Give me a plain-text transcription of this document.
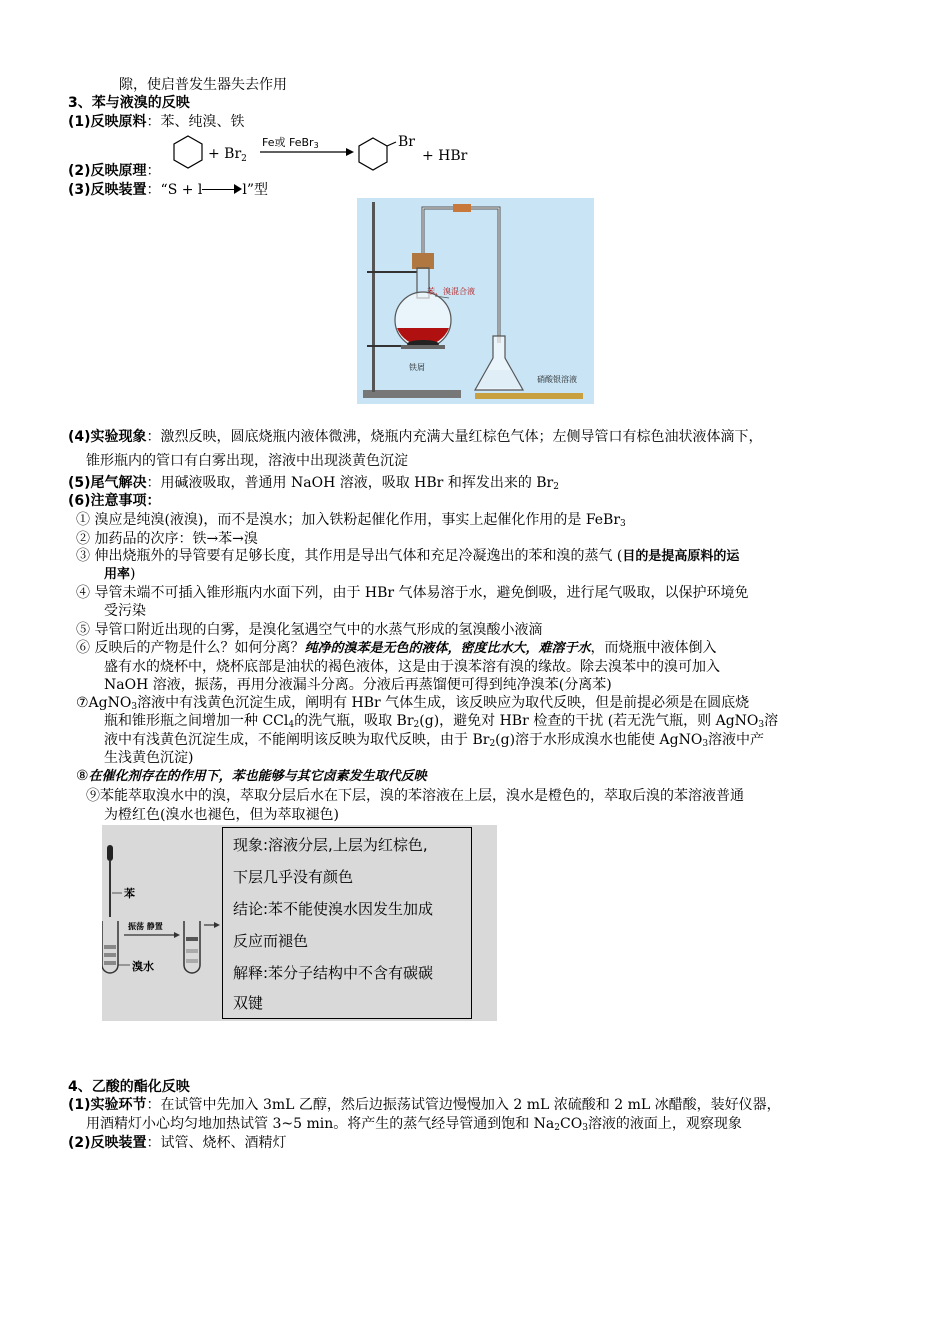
隙，使启普发生器失去作用
3、苯与液溴的反映
(1)反映原料：苯、纯溴、铁
+ $Br_2$
Fe或 FeBr3	Br
+ HBr
(2)反映原理：
(3)反映装置：“S + l	l”型
苯、溴混合液
铁屑
硝酸银溶液
(4)实验现象：激烈反映，圆底烧瓶内液体微沸，烧瓶内充满大量红棕色气体；左侧导管口有棕色油状液体滴下，
锥形瓶内的管口有白雾出现，溶液中出现淡黄色沉淀
(5)尾气解决：用碱液吸取，普通用 NaOH 溶液，吸取 HBr 和挥发出来的 $Br_2$
(6)注意事项：
① 溴应是纯溴(液溴)，而不是溴水；加入铁粉起催化作用，事实上起催化作用的是 FeBr$_3$
② 加药品的次序：铁→苯→溴
③ 伸出烧瓶外的导管要有足够长度，其作用是导出气体和充足冷凝逸出的苯和溴的蒸气 (目的是提高原料的运
用率)
④ 导管未端不可插入锥形瓶内水面下列，由于 HBr 气体易溶于水，避免倒吸，进行尾气吸取，以保护环境免
受污染
⑤ 导管口附近出现的白雾，是溴化氢遇空气中的水蒸气形成的氢溴酸小液滴
⑥ 反映后的产物是什么？如何分离？纯净的溴苯是无色的液体，密度比水大，难溶于水，而烧瓶中液体倒入
盛有水的烧杯中，烧杯底部是油状的褐色液体，这是由于溴苯溶有溴的缘故。除去溴苯中的溴可加入
NaOH 溶液，振荡，再用分液漏斗分离。分液后再蒸馏便可得到纯净溴苯(分离苯)
⑦AgNO$_3$溶液中有浅黄色沉淀生成，阐明有 HBr 气体生成，该反映应为取代反映，但是前提必须是在圆底烧
瓶和锥形瓶之间增加一种 CCl$_4$的洗气瓶，吸取 $Br_2(g)$，避免对 HBr 检查的干扰 (若无洗气瓶，则 AgNO$_3$溶
液中有浅黄色沉淀生成，不能阐明该反映为取代反映，由于 $Br_2(g)$溶于水形成溴水也能使 AgNO$_3$溶液中产
生浅黄色沉淀)
⑧在催化剂存在的作用下，苯也能够与其它卤素发生取代反映
⑨苯能萃取溴水中的溴，萃取分层后水在下层，溴的苯溶液在上层，溴水是橙色的，萃取后溴的苯溶液普通
为橙红色(溴水也褪色，但为萃取褪色)
苯
溴水
振荡 静置
现象:溶液分层,上层为红棕色,
下层几乎没有颜色
结论:苯不能使溴水因发生加成
反应而褪色
解释:苯分子结构中不含有碳碳
双键
4、乙酸的酯化反映
(1)实验环节：在试管中先加入 3mL 乙醇，然后边振荡试管边慢慢加入 2 mL 浓硫酸和 2 mL 冰醋酸，装好仪器，
用酒精灯小心均匀地加热试管 3~5 min。将产生的蒸气经导管通到饱和 $Na_2CO_3$溶液的液面上，观察现象
(2)反映装置：试管、烧杯、酒精灯
